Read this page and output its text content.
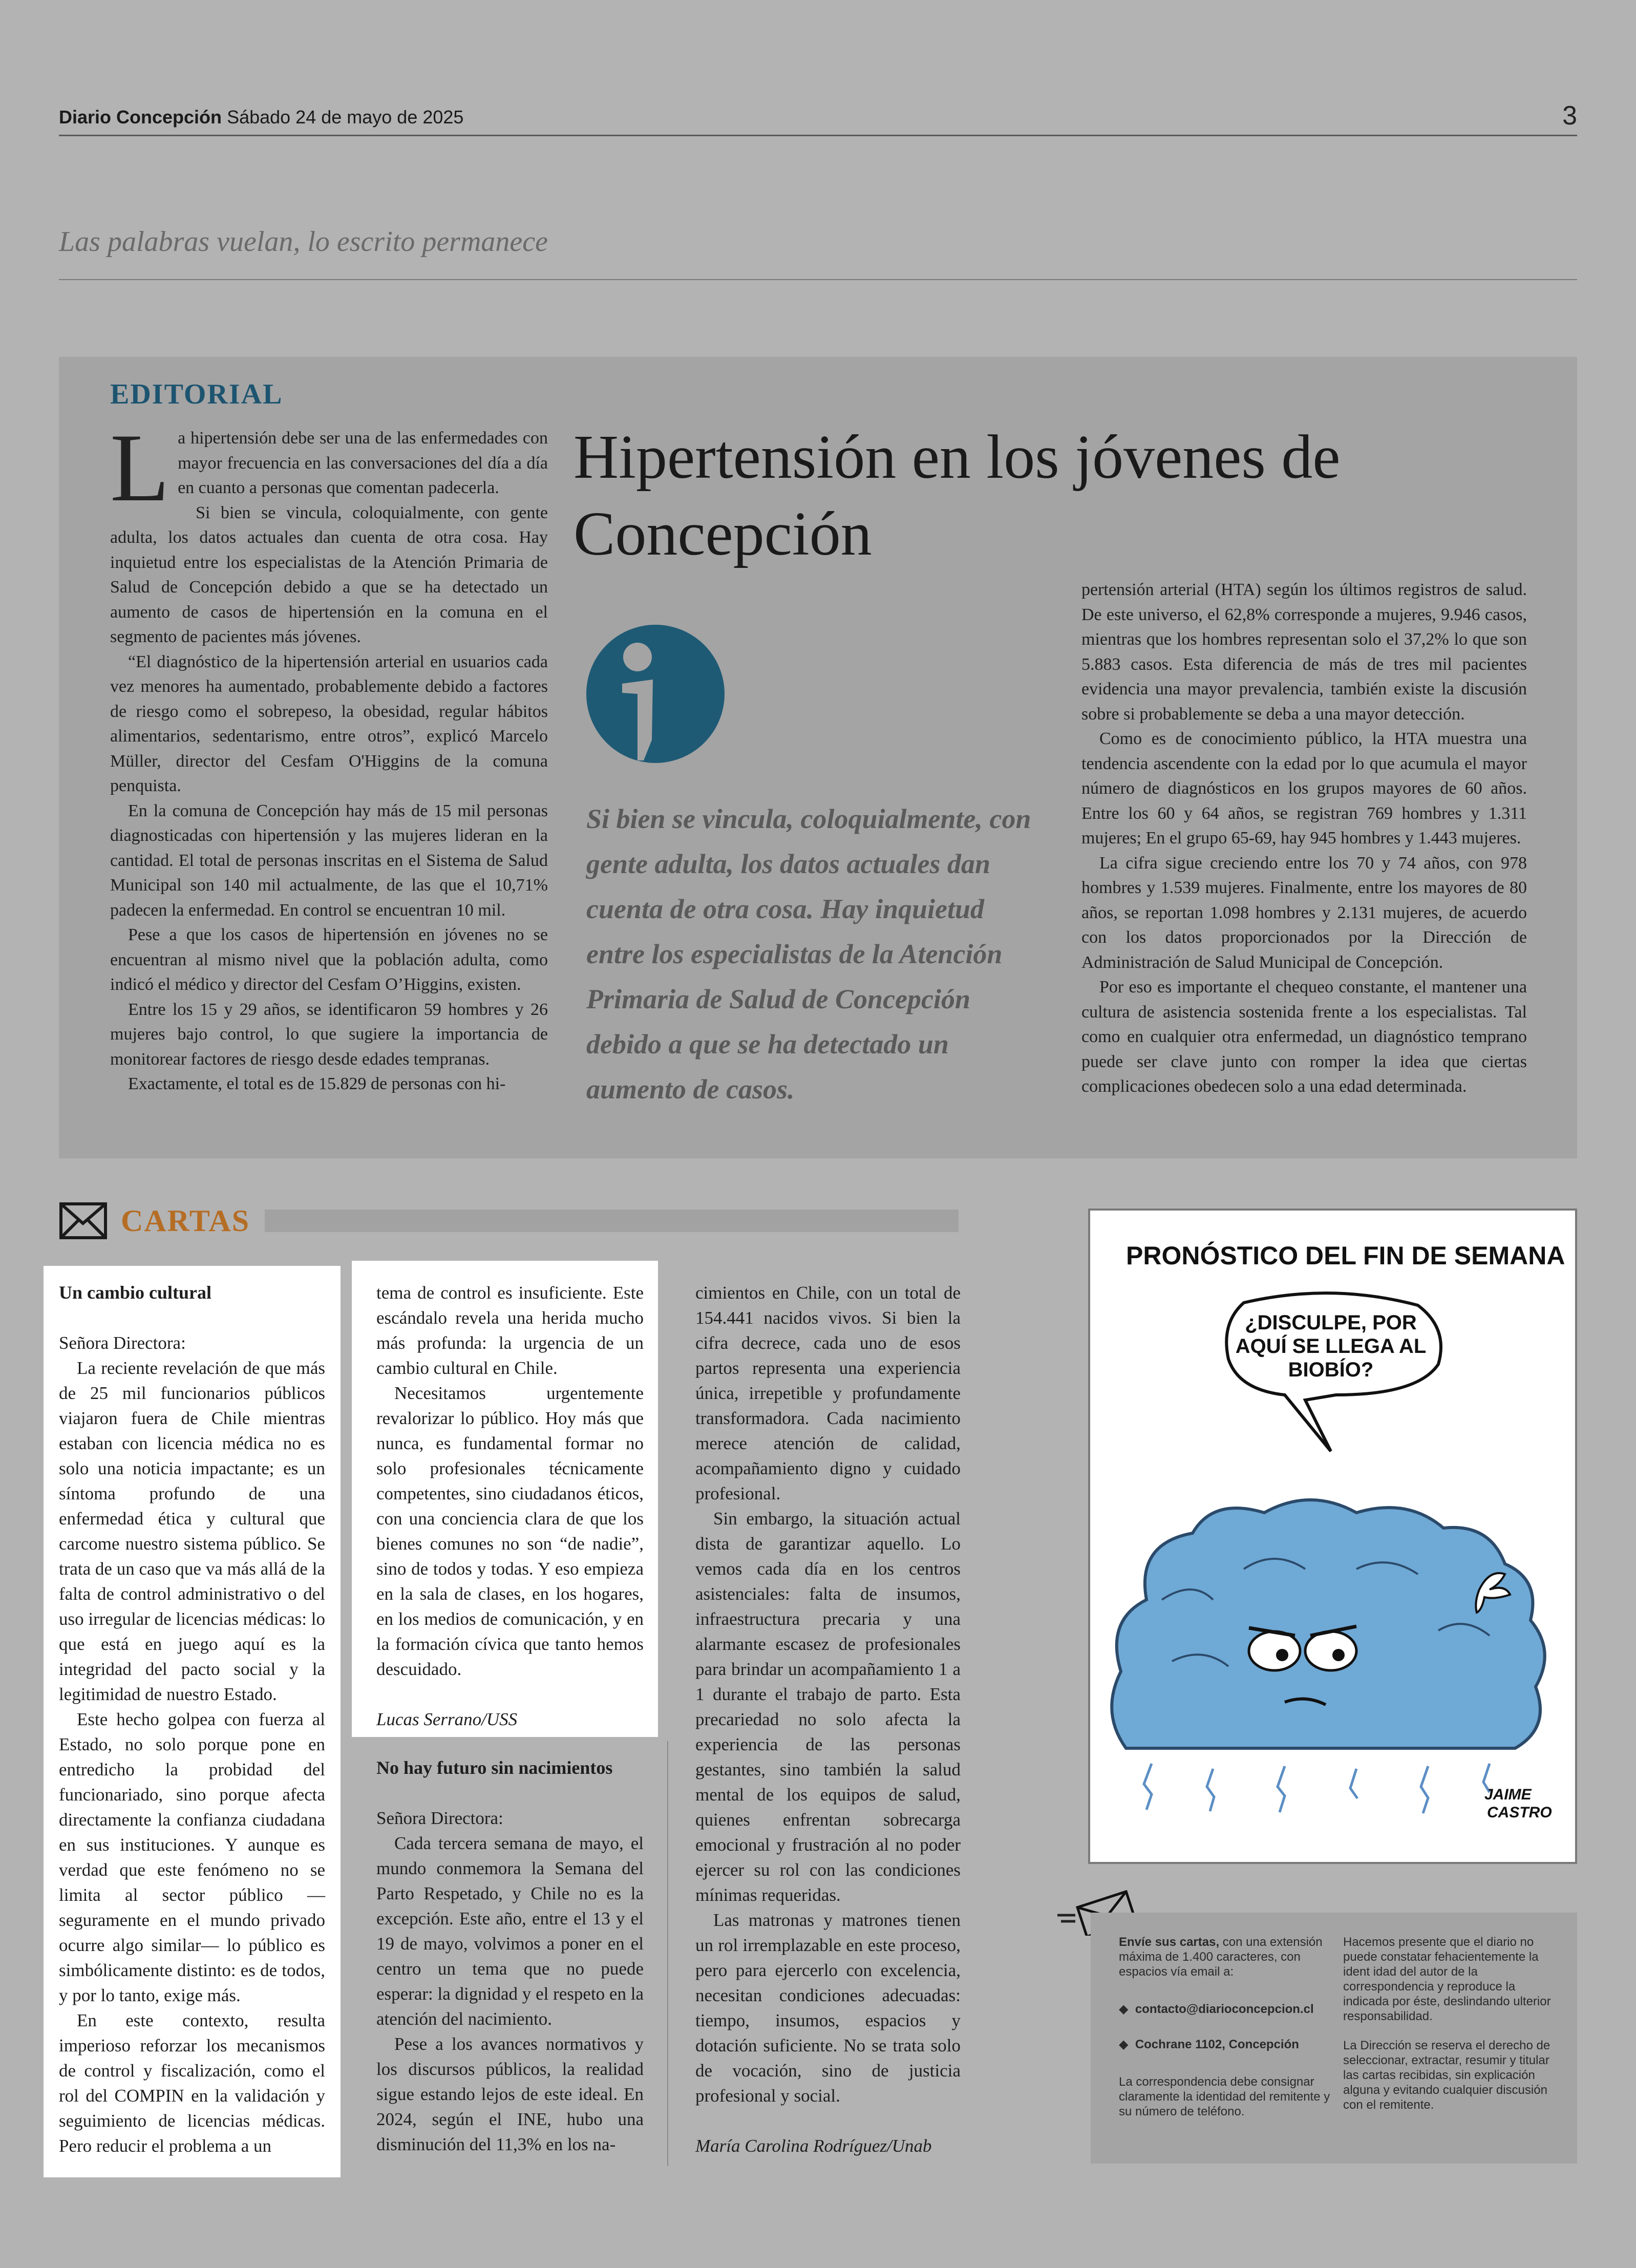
Diario Concepción Sábado 24 de mayo de 2025	3
Las palabras vuelan, lo escrito permanece
EDITORIAL

La hipertensión debe ser una de las enfermedades con mayor frecuencia en las conversaciones del día a día en cuanto a personas que comentan padecerla.

Si bien se vincula, coloquialmente, con gente adulta, los datos actuales dan cuenta de otra cosa. Hay inquietud entre los especialistas de la Atención Primaria de Salud de Concepción debido a que se ha detectado un aumento de casos de hipertensión en la comuna en el segmento de pacientes más jóvenes.

“El diagnóstico de la hipertensión arterial en usuarios cada vez menores ha aumentado, probablemente debido a factores de riesgo como el sobrepeso, la obesidad, regular hábitos alimentarios, sedentarismo, entre otros”, explicó Marcelo Müller, director del Cesfam O'Higgins de la comuna penquista.

En la comuna de Concepción hay más de 15 mil personas diagnosticadas con hipertensión y las mujeres lideran en la cantidad. El total de personas inscritas en el Sistema de Salud Municipal son 140 mil actualmente, de las que el 10,71% padecen la enfermedad. En control se encuentran 10 mil.

Pese a que los casos de hipertensión en jóvenes no se encuentran al mismo nivel que la población adulta, como indicó el médico y director del Cesfam O’Higgins, existen.

Entre los 15 y 29 años, se identificaron 59 hombres y 26 mujeres bajo control, lo que sugiere la importancia de monitorear factores de riesgo desde edades tempranas.

Exactamente, el total es de 15.829 de personas con hi-

Hipertensión en los jóvenes de Concepción
Si bien se vincula, coloquialmente, con gente adulta, los datos actuales dan cuenta de otra cosa. Hay inquietud entre los especialistas de la Atención Primaria de Salud de Concepción debido a que se ha detectado un aumento de casos.

pertensión arterial (HTA) según los últimos registros de salud. De este universo, el 62,8% corresponde a mujeres, 9.946 casos, mientras que los hombres representan solo el 37,2% lo que son 5.883 casos. Esta diferencia de más de tres mil pacientes evidencia una mayor prevalencia, también existe la discusión sobre si probablemente se deba a una mayor detección.

Como es de conocimiento público, la HTA muestra una tendencia ascendente con la edad por lo que acumula el mayor número de diagnósticos en los grupos mayores de 60 años. Entre los 60 y 64 años, se registran 769 hombres y 1.311 mujeres; En el grupo 65-69, hay 945 hombres y 1.443 mujeres.

La cifra sigue creciendo entre los 70 y 74 años, con 978 hombres y 1.539 mujeres. Finalmente, entre los mayores de 80 años, se reportan 1.098 hombres y 2.131 mujeres, de acuerdo con los datos proporcionados por la Dirección de Administración de Salud Municipal de Concepción.

Por eso es importante el chequeo constante, el mantener una cultura de asistencia sostenida frente a los especialistas. Tal como en cualquier otra enfermedad, un diagnóstico temprano puede ser clave junto con romper la idea que ciertas complicaciones obedecen solo a una edad determinada.

CARTAS

Un cambio cultural

Señora Directora:

La reciente revelación de que más de 25 mil funcionarios públicos viajaron fuera de Chile mientras estaban con licencia médica no es solo una noticia impactante; es un síntoma profundo de una enfermedad ética y cultural que carcome nuestro sistema público. Se trata de un caso que va más allá de la falta de control administrativo o del uso irregular de licencias médicas: lo que está en juego aquí es la integridad del pacto social y la legitimidad de nuestro Estado.

Este hecho golpea con fuerza al Estado, no solo porque pone en entredicho la probidad del funcionariado, sino porque afecta directamente la confianza ciudadana en sus instituciones. Y aunque es verdad que este fenómeno no se limita al sector público —seguramente en el mundo privado ocurre algo similar— lo público es simbólicamente distinto: es de todos, y por lo tanto, exige más.

En este contexto, resulta imperioso reforzar los mecanismos de control y fiscalización, como el rol del COMPIN en la validación y seguimiento de licencias médicas. Pero reducir el problema a un

tema de control es insuficiente. Este escándalo revela una herida mucho más profunda: la urgencia de un cambio cultural en Chile.

Necesitamos urgentemente revalorizar lo público. Hoy más que nunca, es fundamental formar no solo profesionales técnicamente competentes, sino ciudadanos éticos, con una conciencia clara de que los bienes comunes no son “de nadie”, sino de todos y todas. Y eso empieza en la sala de clases, en los hogares, en los medios de comunicación, y en la formación cívica que tanto hemos descuidado.

Lucas Serrano/USS

No hay futuro sin nacimientos

Señora Directora:

Cada tercera semana de mayo, el mundo conmemora la Semana del Parto Respetado, y Chile no es la excepción. Este año, entre el 13 y el 19 de mayo, volvimos a poner en el centro un tema que no puede esperar: la dignidad y el respeto en la atención del nacimiento.

Pese a los avances normativos y los discursos públicos, la realidad sigue estando lejos de este ideal. En 2024, según el INE, hubo una disminución del 11,3% en los na-

cimientos en Chile, con un total de 154.441 nacidos vivos. Si bien la cifra decrece, cada uno de esos partos representa una experiencia única, irrepetible y profundamente transformadora. Cada nacimiento merece atención de calidad, acompañamiento digno y cuidado profesional.

Sin embargo, la situación actual dista de garantizar aquello. Lo vemos cada día en los centros asistenciales: falta de insumos, infraestructura precaria y una alarmante escasez de profesionales para brindar un acompañamiento 1 a 1 durante el trabajo de parto. Esta precariedad no solo afecta la experiencia de las personas gestantes, sino también la salud mental de los equipos de salud, quienes enfrentan sobrecarga emocional y frustración al no poder ejercer su rol con las condiciones mínimas requeridas.

Las matronas y matrones tienen un rol irremplazable en este proceso, pero para ejercerlo con excelencia, necesitan condiciones adecuadas: tiempo, insumos, espacios y dotación suficiente. No se trata solo de vocación, sino de justicia profesional y social.

María Carolina Rodríguez/Unab

PRONÓSTICO DEL FIN DE SEMANA
¿DISCULPE, POR
AQUÍ SE LLEGA AL
BIOBÍO?
JAIME
CASTRO
Envíe sus cartas, con una extensión máxima de 1.400 caracteres, con espacios vía email a:
◆ contacto@diarioconcepcion.cl
◆ Cochrane 1102, Concepción
La correspondencia debe consignar claramente la identidad del remitente y su número de teléfono.
Hacemos presente que el diario no puede constatar fehacientemente la ident idad del autor de la correspondencia y reproduce la indicada por éste, deslindando ulterior responsabilidad.
La Dirección se reserva el derecho de seleccionar, extractar, resumir y titular las cartas recibidas, sin explicación alguna y evitando cualquier discusión con el remitente.
